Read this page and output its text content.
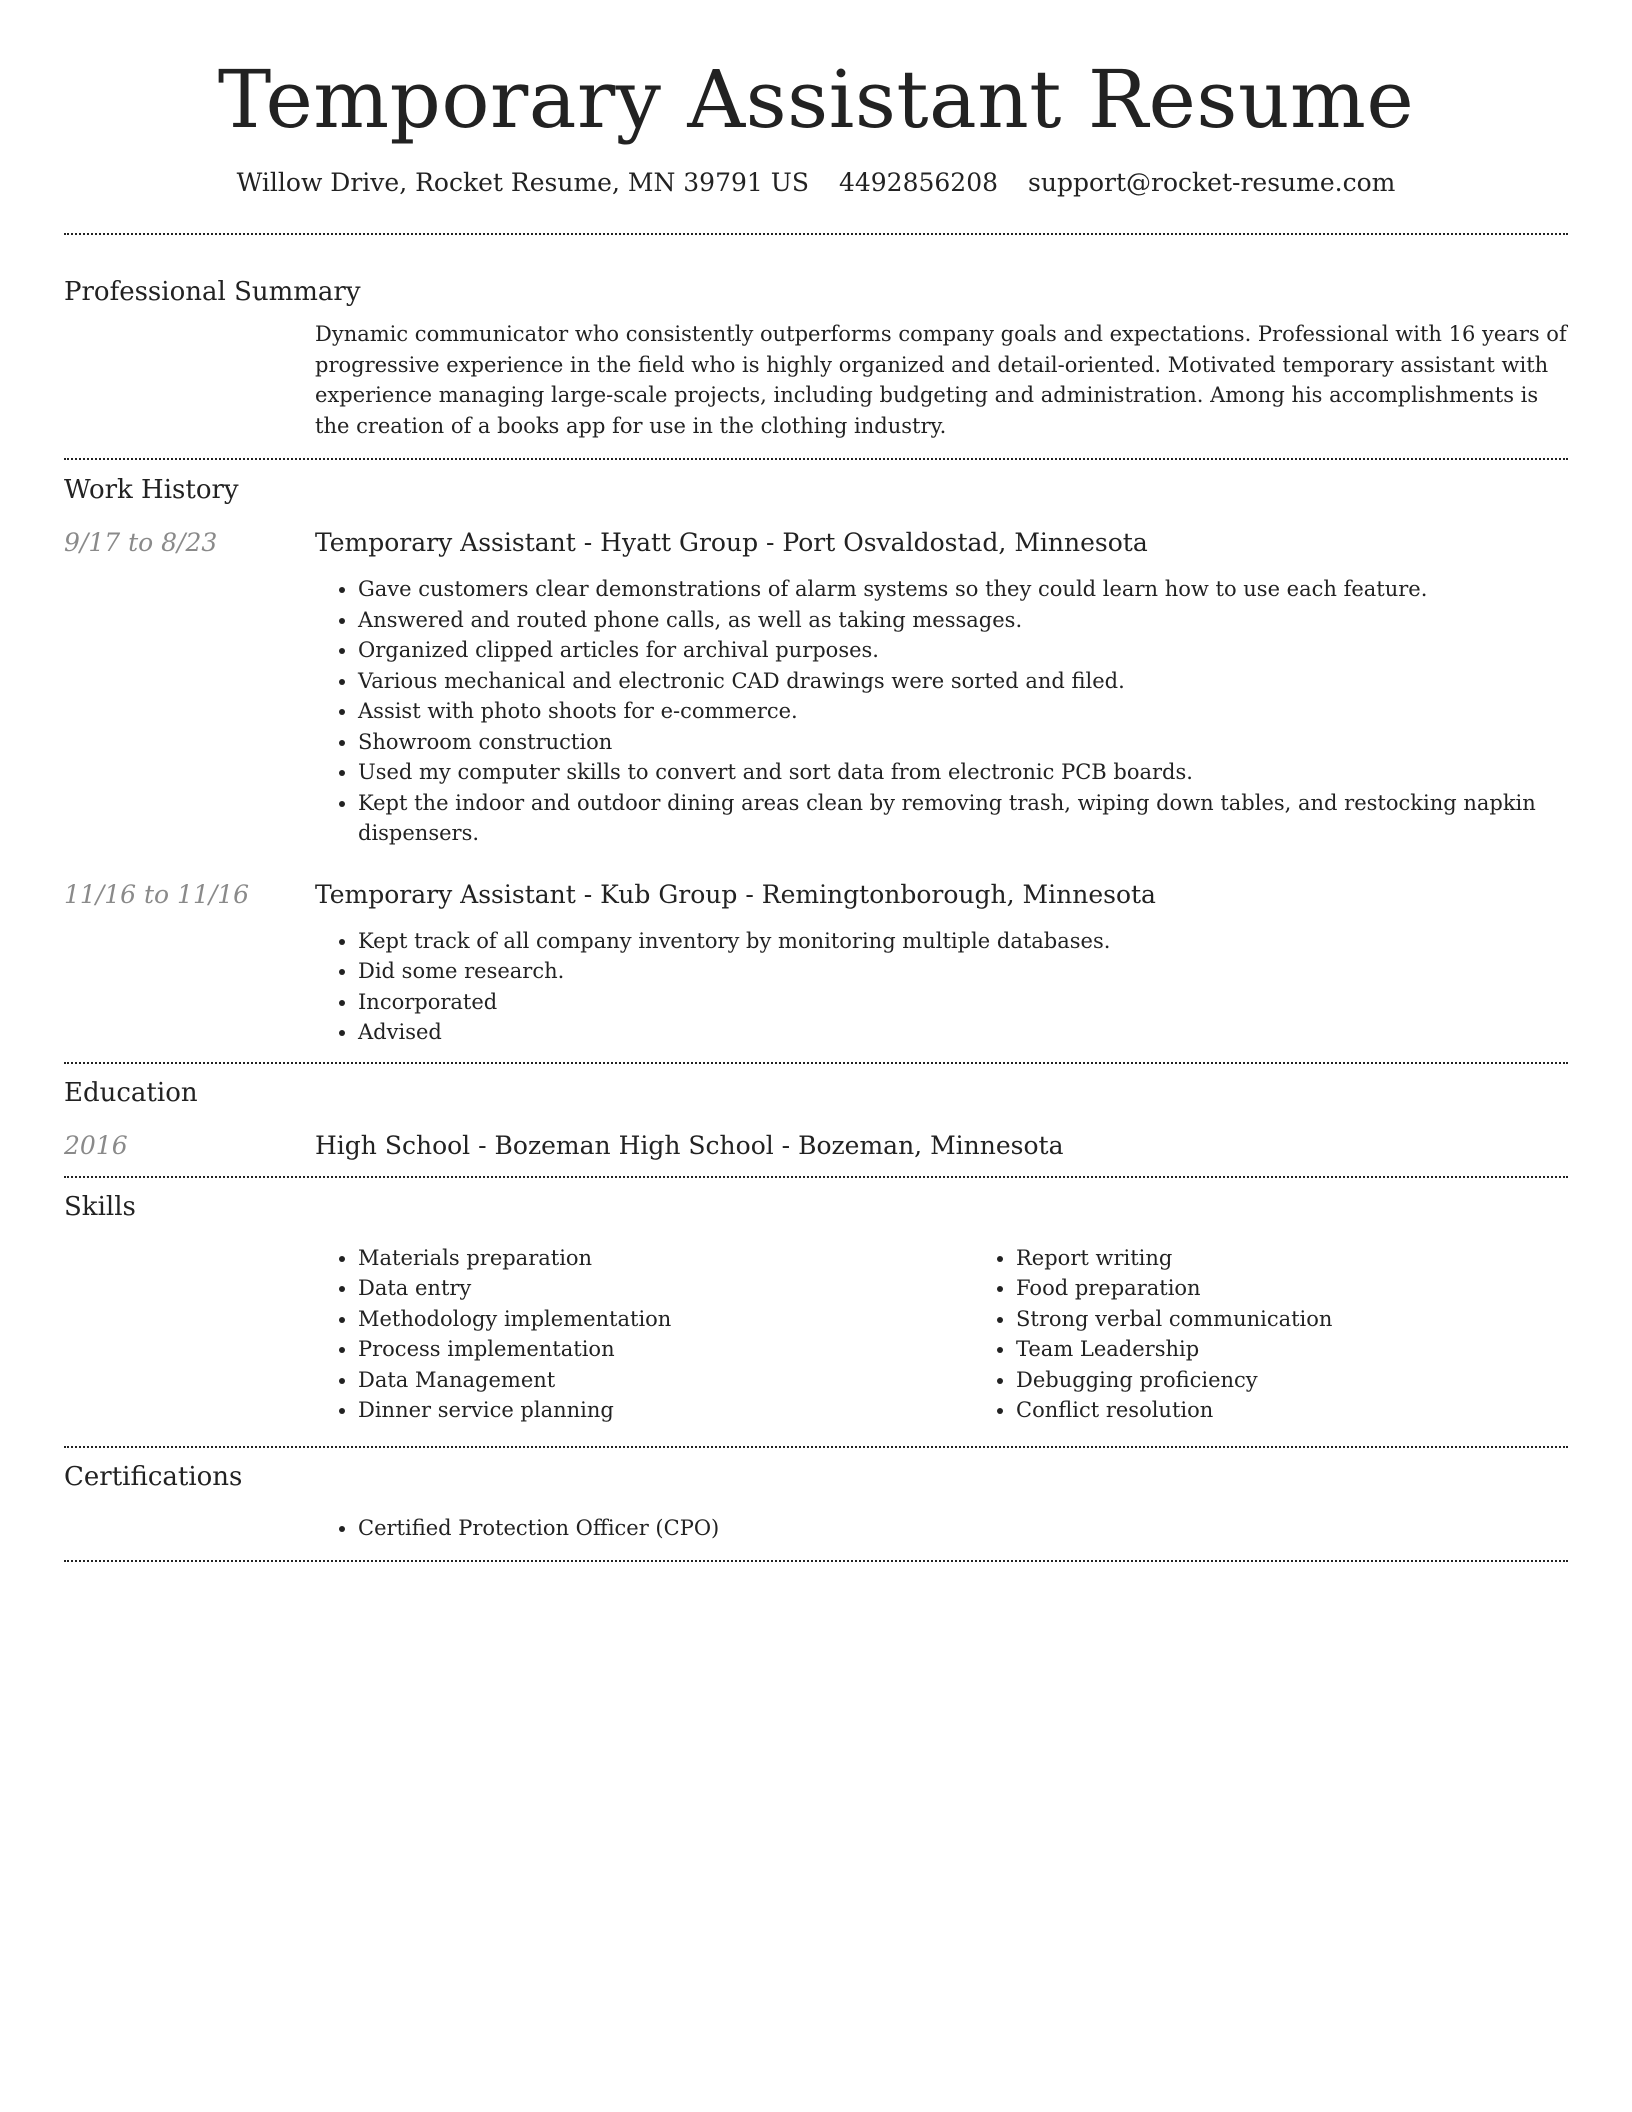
Temporary Assistant Resume
Willow Drive, Rocket Resume, MN 39791 US 4492856208 support@rocket-resume.com
Professional Summary
Dynamic communicator who consistently outperforms company goals and expectations. Professional with 16 years of progressive experience in the field who is highly organized and detail-oriented. Motivated temporary assistant with experience managing large-scale projects, including budgeting and administration. Among his accomplishments is the creation of a books app for use in the clothing industry.
Work History
9/17 to 8/23	Temporary Assistant - Hyatt Group - Port Osvaldostad, Minnesota
• Gave customers clear demonstrations of alarm systems so they could learn how to use each feature.
• Answered and routed phone calls, as well as taking messages.
• Organized clipped articles for archival purposes.
• Various mechanical and electronic CAD drawings were sorted and filed.
• Assist with photo shoots for e-commerce.
• Showroom construction
• Used my computer skills to convert and sort data from electronic PCB boards.
• Kept the indoor and outdoor dining areas clean by removing trash, wiping down tables, and restocking napkin dispensers.
11/16 to 11/16	Temporary Assistant - Kub Group - Remingtonborough, Minnesota
• Kept track of all company inventory by monitoring multiple databases.
• Did some research.
• Incorporated
• Advised
Education
2016	High School - Bozeman High School - Bozeman, Minnesota
Skills
• Materials preparation
• Data entry
• Methodology implementation
• Process implementation
• Data Management
• Dinner service planning
• Report writing
• Food preparation
• Strong verbal communication
• Team Leadership
• Debugging proficiency
• Conflict resolution
Certifications
• Certified Protection Officer (CPO)
